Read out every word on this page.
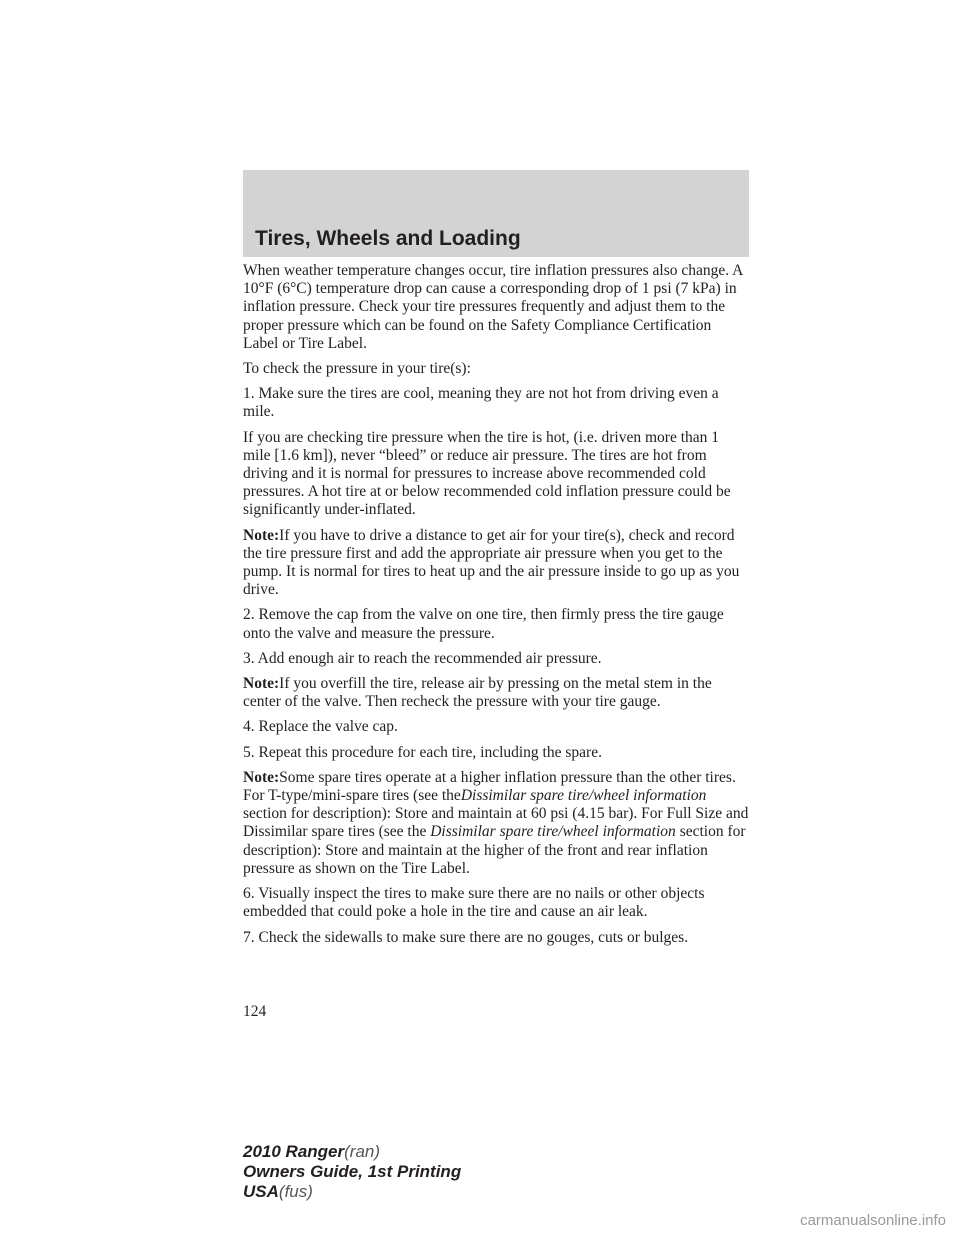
Tires, Wheels and Loading

When weather temperature changes occur, tire inflation pressures also change. A 10°F (6°C) temperature drop can cause a corresponding drop of 1 psi (7 kPa) in inflation pressure. Check your tire pressures frequently and adjust them to the proper pressure which can be found on the Safety Compliance Certification Label or Tire Label.

To check the pressure in your tire(s):

1. Make sure the tires are cool, meaning they are not hot from driving even a mile.

If you are checking tire pressure when the tire is hot, (i.e. driven more than 1 mile [1.6 km]), never “bleed” or reduce air pressure. The tires are hot from driving and it is normal for pressures to increase above recommended cold pressures. A hot tire at or below recommended cold inflation pressure could be significantly under-inflated.

Note:If you have to drive a distance to get air for your tire(s), check and record the tire pressure first and add the appropriate air pressure when you get to the pump. It is normal for tires to heat up and the air pressure inside to go up as you drive.

2. Remove the cap from the valve on one tire, then firmly press the tire gauge onto the valve and measure the pressure.

3. Add enough air to reach the recommended air pressure.

Note:If you overfill the tire, release air by pressing on the metal stem in the center of the valve. Then recheck the pressure with your tire gauge.

4. Replace the valve cap.

5. Repeat this procedure for each tire, including the spare.

Note:Some spare tires operate at a higher inflation pressure than the other tires. For T-type/mini-spare tires (see theDissimilar spare tire/wheel information section for description): Store and maintain at 60 psi (4.15 bar). For Full Size and Dissimilar spare tires (see the Dissimilar spare tire/wheel information section for description): Store and maintain at the higher of the front and rear inflation pressure as shown on the Tire Label.

6. Visually inspect the tires to make sure there are no nails or other objects embedded that could poke a hole in the tire and cause an air leak.

7. Check the sidewalls to make sure there are no gouges, cuts or bulges.

124
2010 Ranger(ran)
Owners Guide, 1st Printing
USA(fus)
carmanualsonline.info
